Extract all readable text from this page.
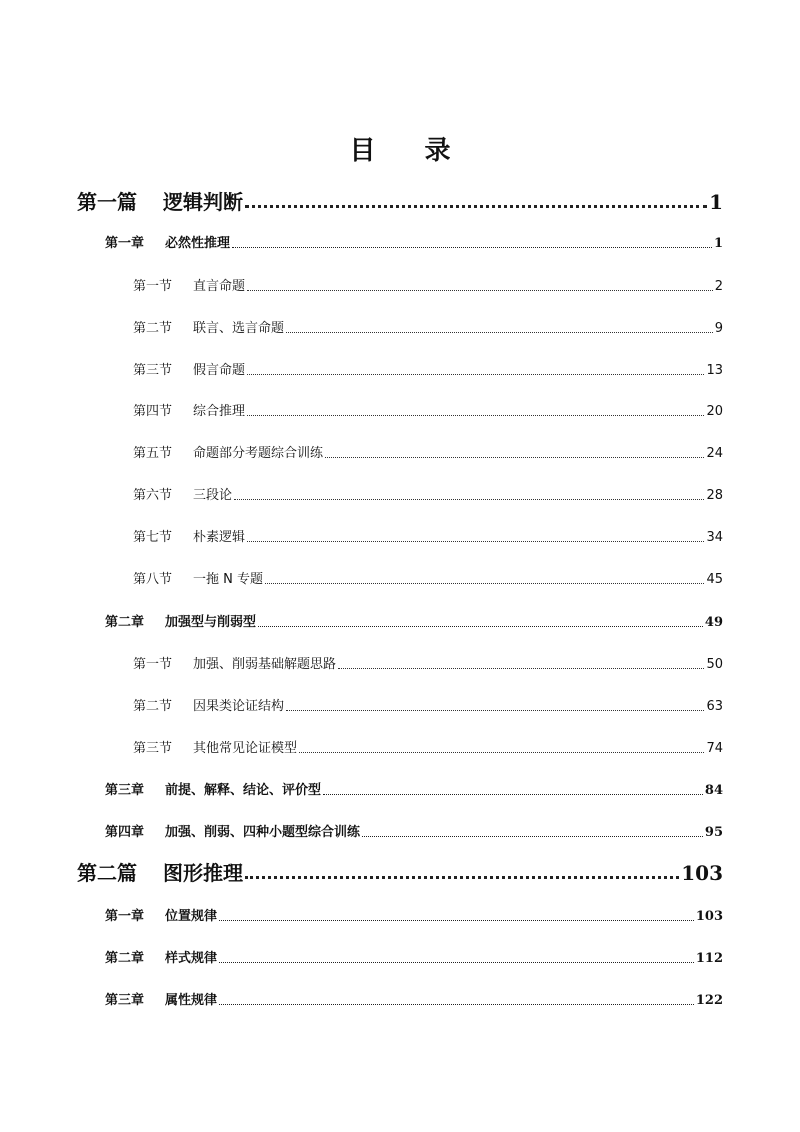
目 录
第一篇	逻辑判断	1
第一章	必然性推理	1
第一节	直言命题	2
第二节	联言、选言命题	9
第三节	假言命题	13
第四节	综合推理	20
第五节	命题部分考题综合训练	24
第六节	三段论	28
第七节	朴素逻辑	34
第八节	一拖 N 专题	45
第二章	加强型与削弱型	49
第一节	加强、削弱基础解题思路	50
第二节	因果类论证结构	63
第三节	其他常见论证模型	74
第三章	前提、解释、结论、评价型	84
第四章	加强、削弱、四种小题型综合训练	95
第二篇	图形推理	103
第一章	位置规律	103
第二章	样式规律	112
第三章	属性规律	122
